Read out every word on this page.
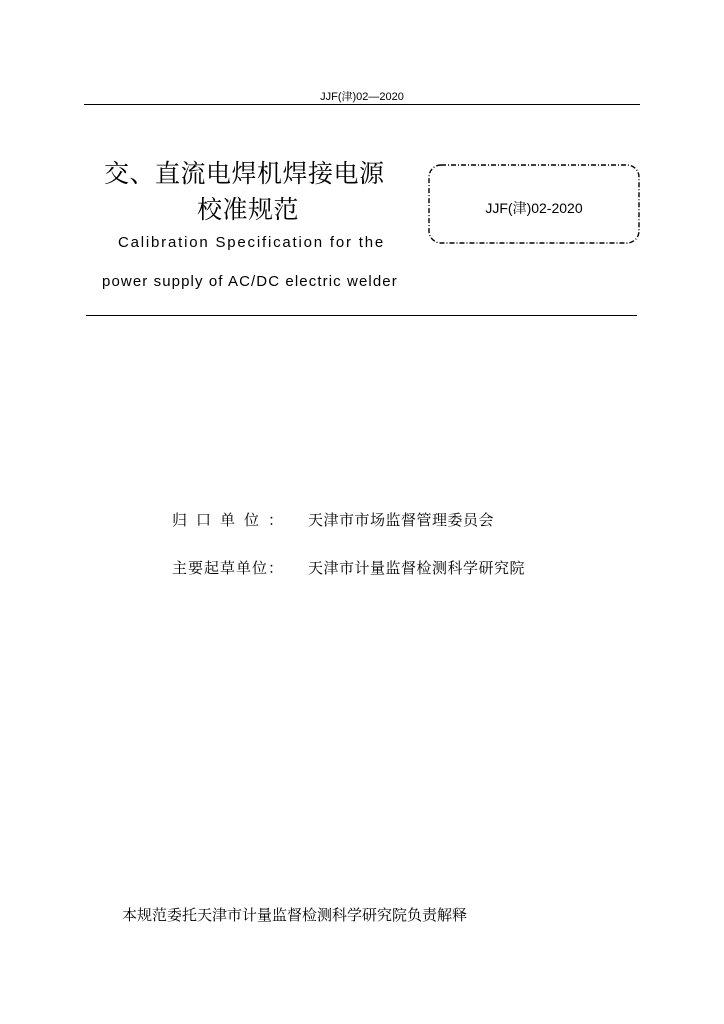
JJF(津)02—2020
交、直流电焊机焊接电源
校准规范
Calibration Specification for the
power supply of AC/DC electric welder
JJF(津)02-2020
归口单位： 天津市市场监督管理委员会
主要起草单位： 天津市计量监督检测科学研究院
本规范委托天津市计量监督检测科学研究院负责解释
